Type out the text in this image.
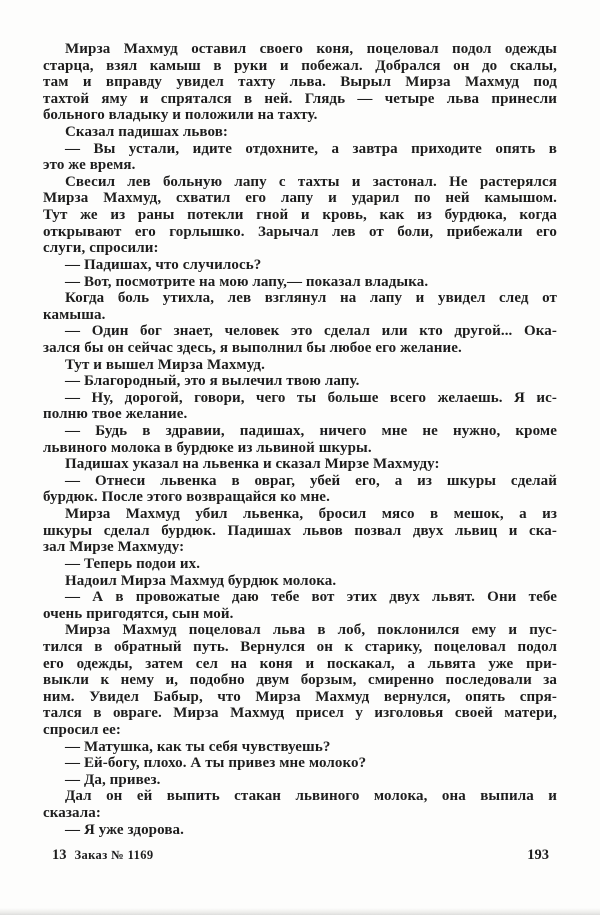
Мирза Махмуд оставил своего коня, поцеловал подол одежды
старца, взял камыш в руки и побежал. Добрался он до скалы,
там и вправду увидел тахту льва. Вырыл Мирза Махмуд под
тахтой яму и спрятался в ней. Глядь — четыре льва принесли
больного владыку и положили на тахту.
Сказал падишах львов:
— Вы устали, идите отдохните, а завтра приходите опять в
это же время.
Свесил лев больную лапу с тахты и застонал. Не растерялся
Мирза Махмуд, схватил его лапу и ударил по ней камышом.
Тут же из раны потекли гной и кровь, как из бурдюка, когда
открывают его горлышко. Зарычал лев от боли, прибежали его
слуги, спросили:
— Падишах, что случилось?
— Вот, посмотрите на мою лапу,— показал владыка.
Когда боль утихла, лев взглянул на лапу и увидел след от
камыша.
— Один бог знает, человек это сделал или кто другой... Ока-
зался бы он сейчас здесь, я выполнил бы любое его желание.
Тут и вышел Мирза Махмуд.
— Благородный, это я вылечил твою лапу.
— Ну, дорогой, говори, чего ты больше всего желаешь. Я ис-
полню твое желание.
— Будь в здравии, падишах, ничего мне не нужно, кроме
львиного молока в бурдюке из львиной шкуры.
Падишах указал на львенка и сказал Мирзе Махмуду:
— Отнеси львенка в овраг, убей его, а из шкуры сделай
бурдюк. После этого возвращайся ко мне.
Мирза Махмуд убил львенка, бросил мясо в мешок, а из
шкуры сделал бурдюк. Падишах львов позвал двух львиц и ска-
зал Мирзе Махмуду:
— Теперь подои их.
Надоил Мирза Махмуд бурдюк молока.
— А в провожатые даю тебе вот этих двух львят. Они тебе
очень пригодятся, сын мой.
Мирза Махмуд поцеловал льва в лоб, поклонился ему и пус-
тился в обратный путь. Вернулся он к старику, поцеловал подол
его одежды, затем сел на коня и поскакал, а львята уже при-
выкли к нему и, подобно двум борзым, смиренно последовали за
ним. Увидел Бабыр, что Мирза Махмуд вернулся, опять спря-
тался в овраге. Мирза Махмуд присел у изголовья своей матери,
спросил ее:
— Матушка, как ты себя чувствуешь?
— Ей-богу, плохо. А ты привез мне молоко?
— Да, привез.
Дал он ей выпить стакан львиного молока, она выпила и
сказала:
— Я уже здорова.
13 Заказ № 1169	193
